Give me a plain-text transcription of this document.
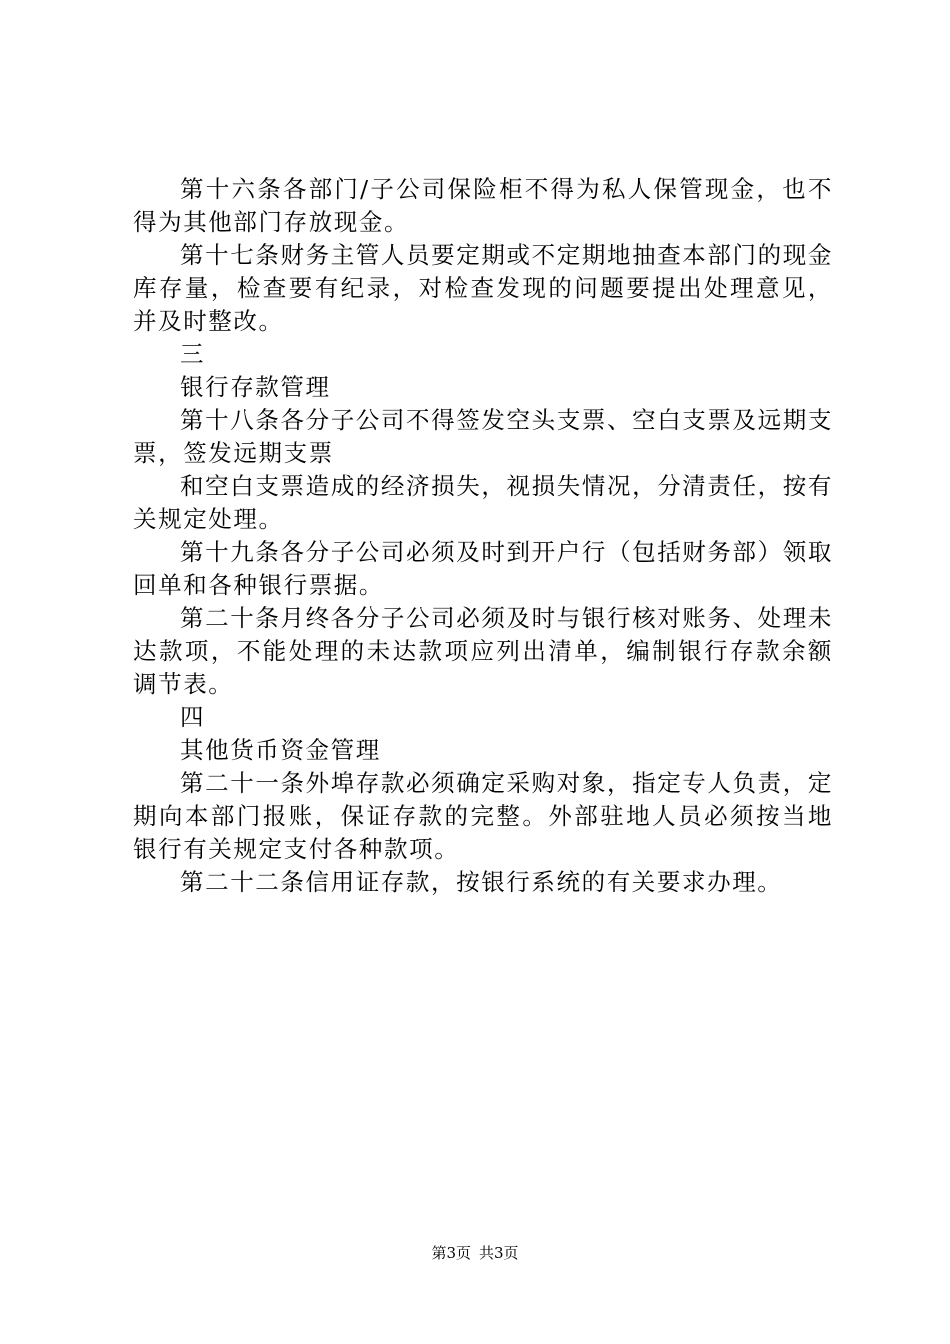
第十六条各部门/子公司保险柜不得为私人保管现金，也不得为其他部门存放现金。

第十七条财务主管人员要定期或不定期地抽查本部门的现金库存量，检查要有纪录，对检查发现的问题要提出处理意见，并及时整改。

三

银行存款管理

第十八条各分子公司不得签发空头支票、空白支票及远期支票，签发远期支票

和空白支票造成的经济损失，视损失情况，分清责任，按有关规定处理。

第十九条各分子公司必须及时到开户行（包括财务部）领取回单和各种银行票据。

第二十条月终各分子公司必须及时与银行核对账务、处理未达款项，不能处理的未达款项应列出清单，编制银行存款余额调节表。

四

其他货币资金管理

第二十一条外埠存款必须确定采购对象，指定专人负责，定期向本部门报账，保证存款的完整。外部驻地人员必须按当地银行有关规定支付各种款项。

第二十二条信用证存款，按银行系统的有关要求办理。

第3页 共3页
